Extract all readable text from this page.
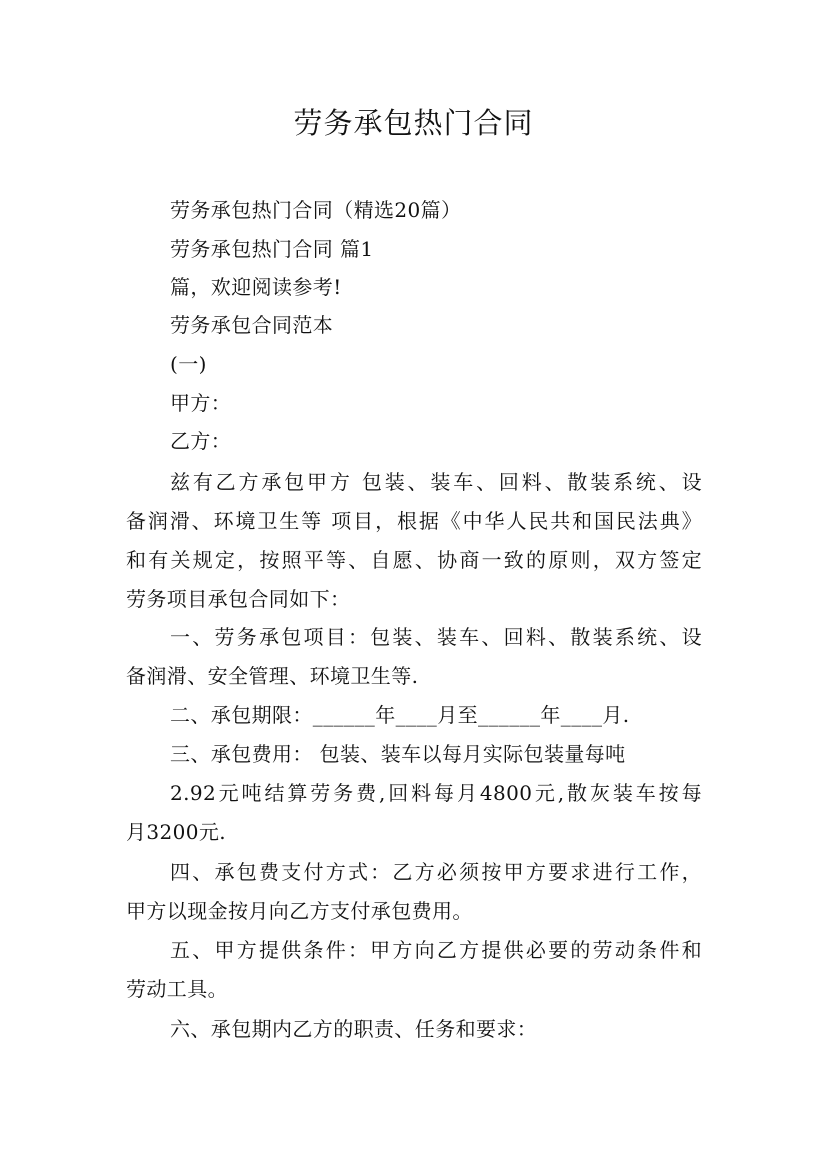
劳务承包热门合同
劳务承包热门合同（精选20篇）
劳务承包热门合同 篇1
篇，欢迎阅读参考!
劳务承包合同范本
(一)
甲方：
乙方：
兹有乙方承包甲方 包装、装车、回料、散装系统、设
备润滑、环境卫生等 项目，根据《中华人民共和国民法典》
和有关规定，按照平等、自愿、协商一致的原则，双方签定
劳务项目承包合同如下：
一、劳务承包项目：包装、装车、回料、散装系统、设
备润滑、安全管理、环境卫生等.
二、承包期限：______年____月至______年____月.
三、承包费用： 包装、装车以每月实际包装量每吨
2.92元吨结算劳务费,回料每月4800元,散灰装车按每
月3200元.
四、承包费支付方式：乙方必须按甲方要求进行工作，
甲方以现金按月向乙方支付承包费用。
五、甲方提供条件：甲方向乙方提供必要的劳动条件和
劳动工具。
六、承包期内乙方的职责、任务和要求：
